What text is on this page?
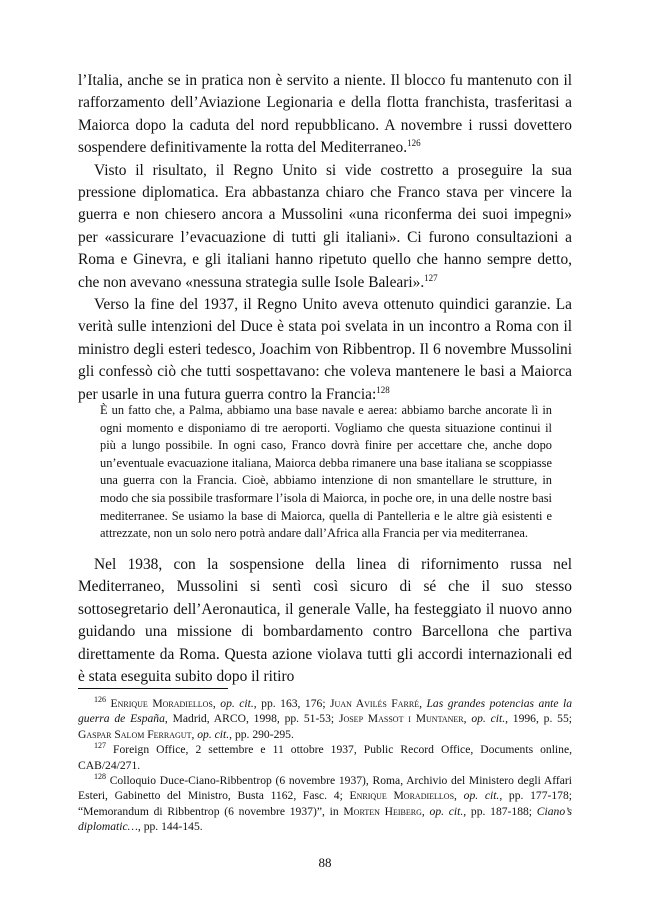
l’Italia, anche se in pratica non è servito a niente. Il blocco fu mantenuto con il rafforzamento dell’Aviazione Legionaria e della flotta franchista, trasferitasi a Maiorca dopo la caduta del nord repubblicano. A novembre i russi dovettero sospendere definitivamente la rotta del Mediterraneo.$^{126}$

Visto il risultato, il Regno Unito si vide costretto a proseguire la sua pressione diplomatica. Era abbastanza chiaro che Franco stava per vincere la guerra e non chiesero ancora a Mussolini «una riconferma dei suoi impegni» per «assicurare l’evacuazione di tutti gli italiani». Ci furono consultazioni a Roma e Ginevra, e gli italiani hanno ripetuto quello che hanno sempre detto, che non avevano «nessuna strategia sulle Isole Baleari».$^{127}$

Verso la fine del 1937, il Regno Unito aveva ottenuto quindici garanzie. La verità sulle intenzioni del Duce è stata poi svelata in un incontro a Roma con il ministro degli esteri tedesco, Joachim von Ribbentrop. Il 6 novembre Mussolini gli confessò ciò che tutti sospettavano: che voleva mantenere le basi a Maiorca per usarle in una futura guerra contro la Francia:$^{128}$

È un fatto che, a Palma, abbiamo una base navale e aerea: abbiamo barche ancorate lì in ogni momento e disponiamo di tre aeroporti. Vogliamo che questa situazione continui il più a lungo possibile. In ogni caso, Franco dovrà finire per accettare che, anche dopo un’eventuale evacuazione italiana, Maiorca debba rimanere una base italiana se scoppiasse una guerra con la Francia. Cioè, abbiamo intenzione di non smantellare le strutture, in modo che sia possibile trasformare l’isola di Maiorca, in poche ore, in una delle nostre basi mediterranee. Se usiamo la base di Maiorca, quella di Pantelleria e le altre già esistenti e attrezzate, non un solo nero potrà andare dall’Africa alla Francia per via mediterranea.

Nel 1938, con la sospensione della linea di rifornimento russa nel Mediterraneo, Mussolini si sentì così sicuro di sé che il suo stesso sottosegretario dell’Aeronautica, il generale Valle, ha festeggiato il nuovo anno guidando una missione di bombardamento contro Barcellona che partiva direttamente da Roma. Questa azione violava tutti gli accordi internazionali ed è stata eseguita subito dopo il ritiro

$^{126}$ Enrique Moradiellos, op. cit., pp. 163, 176; Juan Avilés Farré, Las grandes potencias ante la guerra de España, Madrid, ARCO, 1998, pp. 51-53; Josep Massot i Muntaner, op. cit., 1996, p. 55; Gaspar Salom Ferragut, op. cit., pp. 290-295.

$^{127}$ Foreign Office, 2 settembre e 11 ottobre 1937, Public Record Office, Documents online, CAB/24/271.

$^{128}$ Colloquio Duce-Ciano-Ribbentrop (6 novembre 1937), Roma, Archivio del Ministero degli Affari Esteri, Gabinetto del Ministro, Busta 1162, Fasc. 4; Enrique Moradiellos, op. cit., pp. 177-178; “Memorandum di Ribbentrop (6 novembre 1937)”, in Morten Heiberg, op. cit., pp. 187-188; Ciano’s diplomatic…, pp. 144-145.

88
